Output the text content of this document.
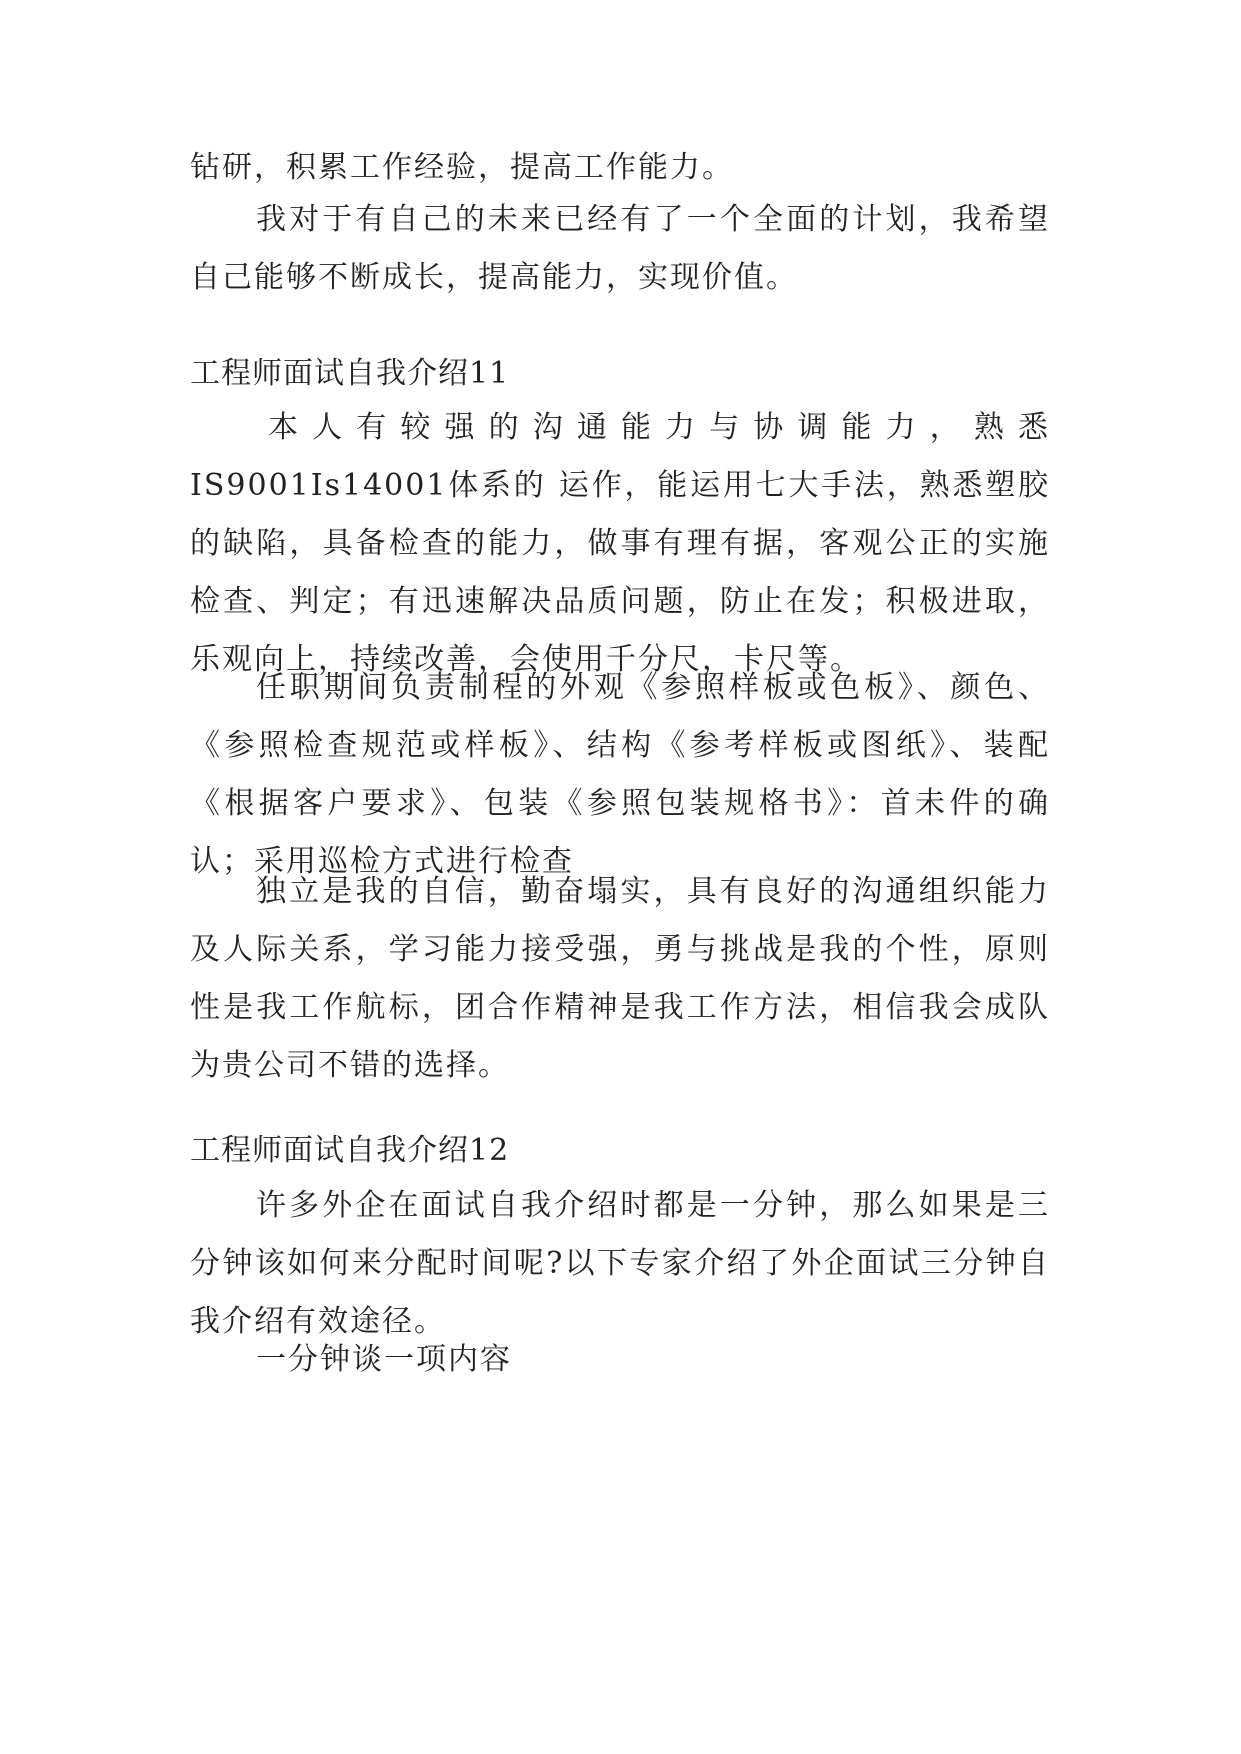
钻研，积累工作经验，提高工作能力。

我对于有自己的未来已经有了一个全面的计划，我希望自己能够不断成长，提高能力，实现价值。

工程师面试自我介绍11

本人有较强的沟通能力与协调能力，熟悉IS9001Is14001体系的 运作，能运用七大手法，熟悉塑胶的缺陷，具备检查的能力，做事有理有据，客观公正的实施检查、判定；有迅速解决品质问题，防止在发；积极进取，乐观向上，持续改善，会使用千分尺，卡尺等。

任职期间负责制程的外观《参照样板或色板》、颜色、《参照检查规范或样板》、结构《参考样板或图纸》、装配《根据客户要求》、包装《参照包装规格书》：首未件的确认；采用巡检方式进行检查

独立是我的自信，勤奋塌实，具有良好的沟通组织能力及人际关系，学习能力接受强，勇与挑战是我的个性，原则性是我工作航标，团合作精神是我工作方法，相信我会成队为贵公司不错的选择。

工程师面试自我介绍12

许多外企在面试自我介绍时都是一分钟，那么如果是三分钟该如何来分配时间呢?以下专家介绍了外企面试三分钟自我介绍有效途径。

一分钟谈一项内容
